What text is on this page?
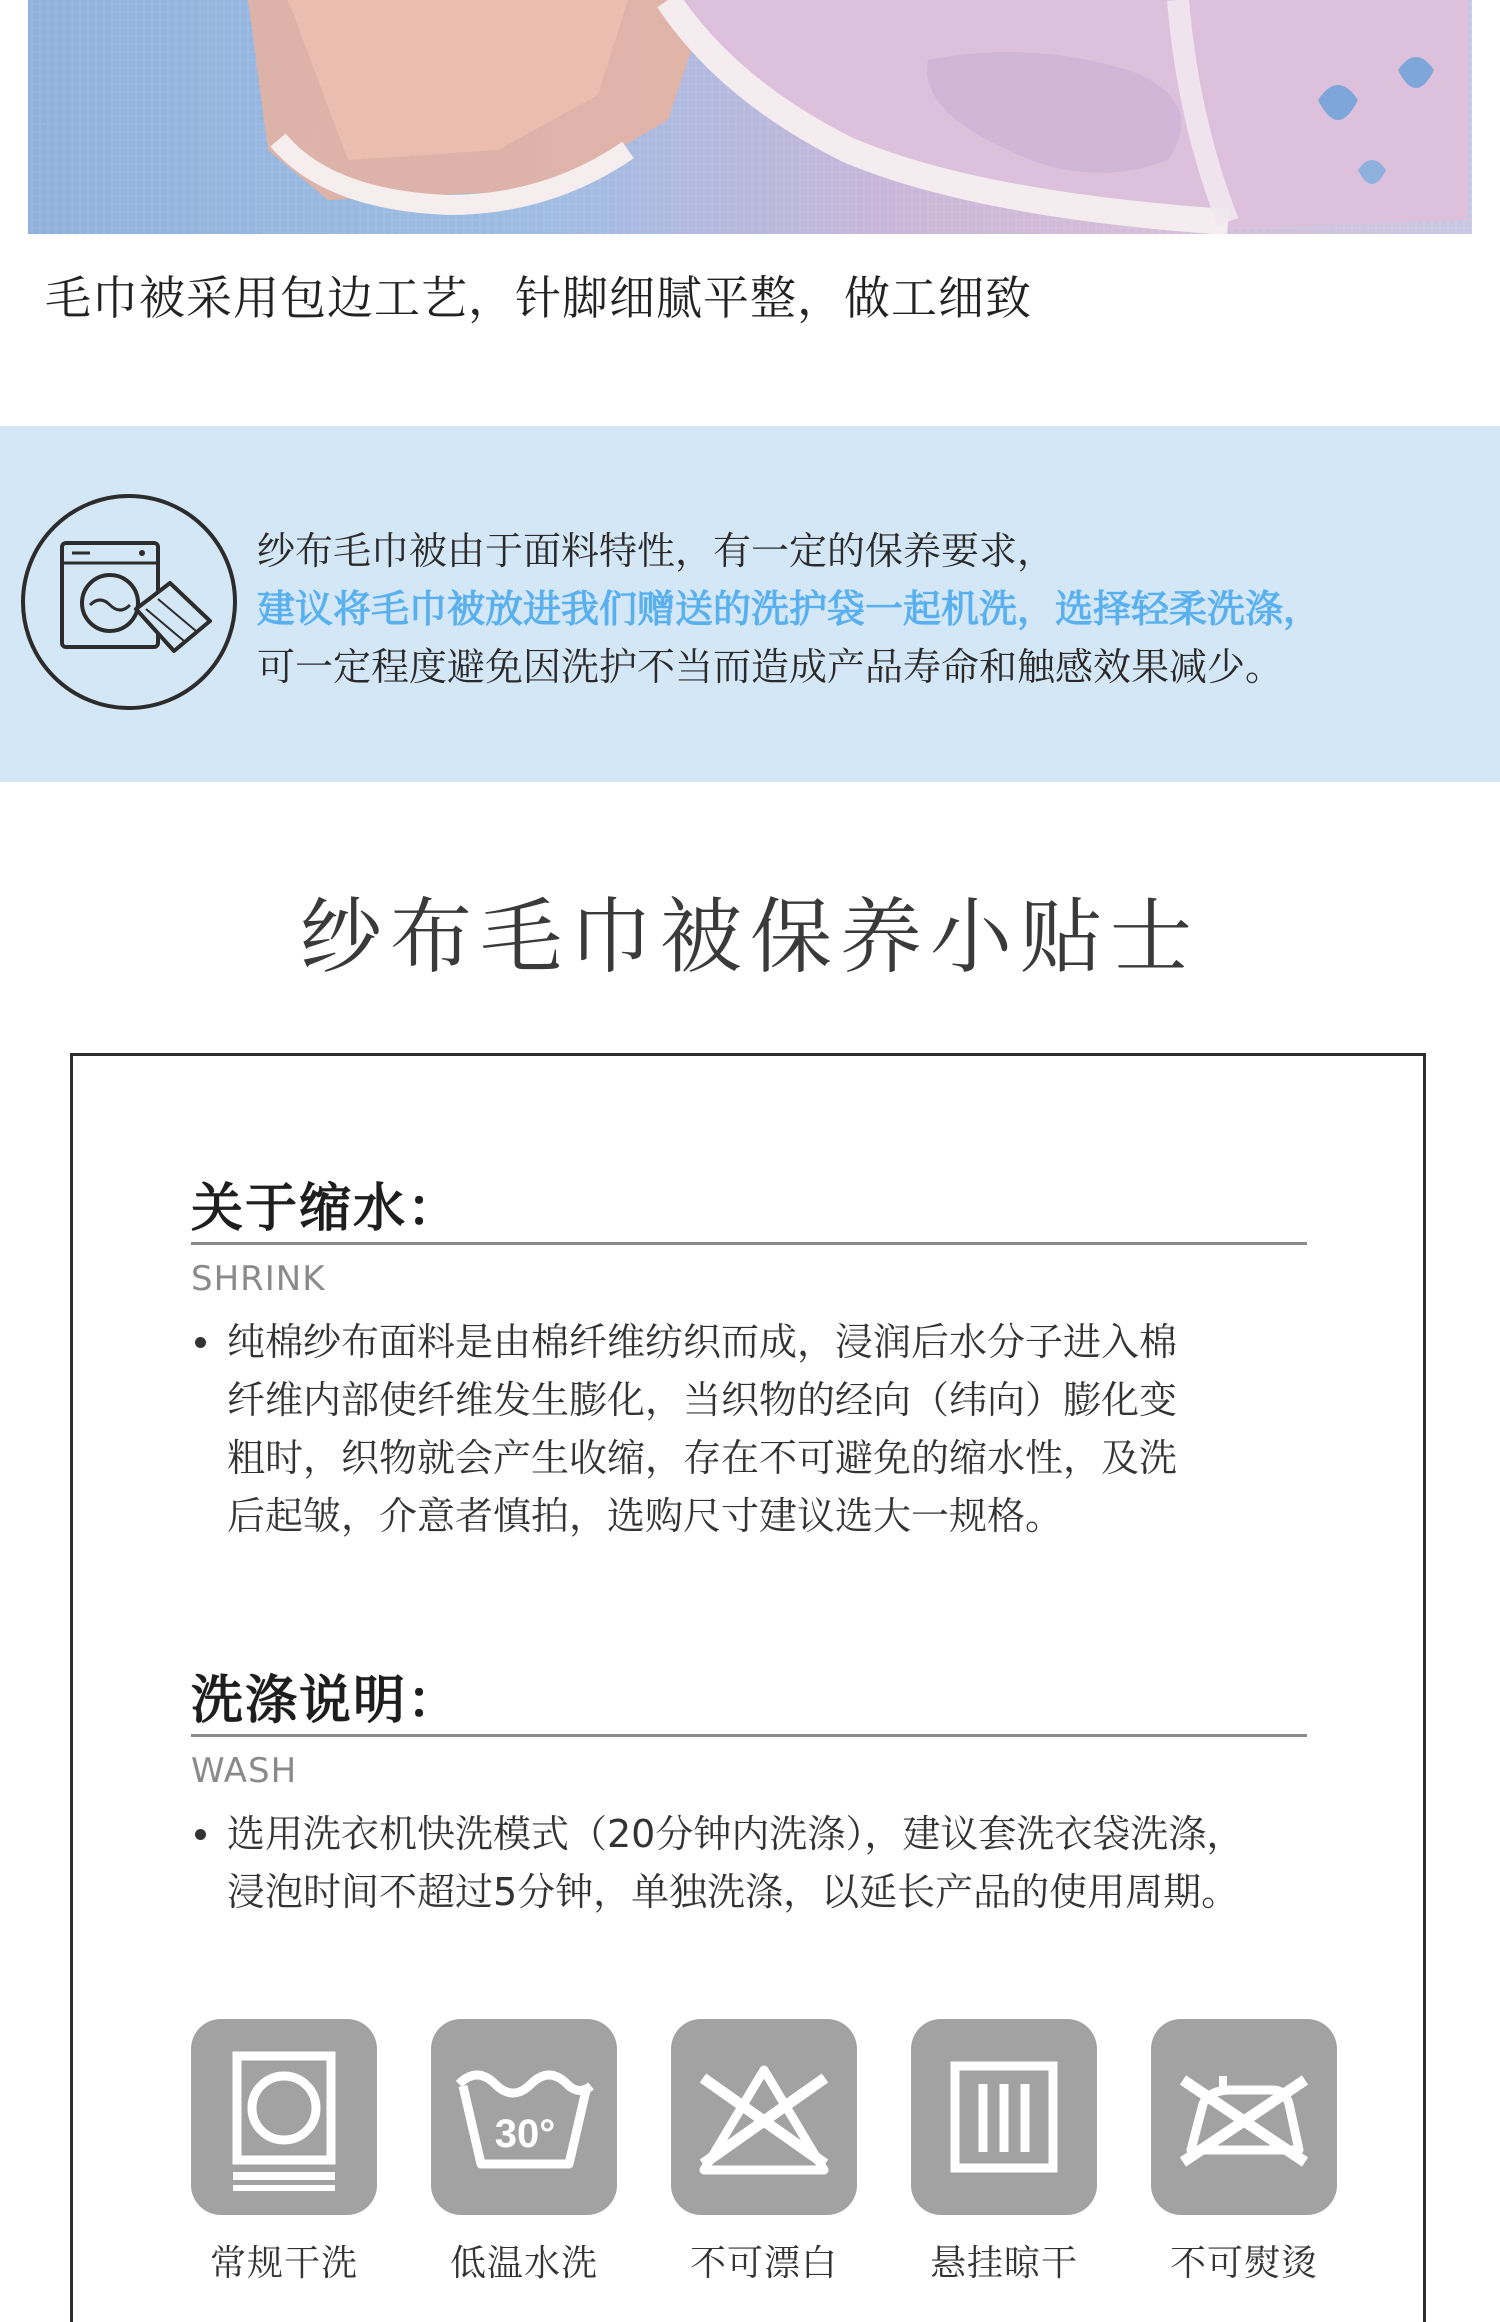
毛巾被采用包边工艺，针脚细腻平整，做工细致
纱布毛巾被由于面料特性，有一定的保养要求，
建议将毛巾被放进我们赠送的洗护袋一起机洗，选择轻柔洗涤，
可一定程度避免因洗护不当而造成产品寿命和触感效果减少。
纱布毛巾被保养小贴士
关于缩水：
SHRINK
纯棉纱布面料是由棉纤维纺织而成，浸润后水分子进入棉
纤维内部使纤维发生膨化，当织物的经向（纬向）膨化变
粗时，织物就会产生收缩，存在不可避免的缩水性，及洗
后起皱，介意者慎拍，选购尺寸建议选大一规格。
洗涤说明：
WASH
选用洗衣机快洗模式（20分钟内洗涤），建议套洗衣袋洗涤，
浸泡时间不超过5分钟，单独洗涤，以延长产品的使用周期。
常规干洗
30°
低温水洗	不可漂白	悬挂晾干	不可熨烫
